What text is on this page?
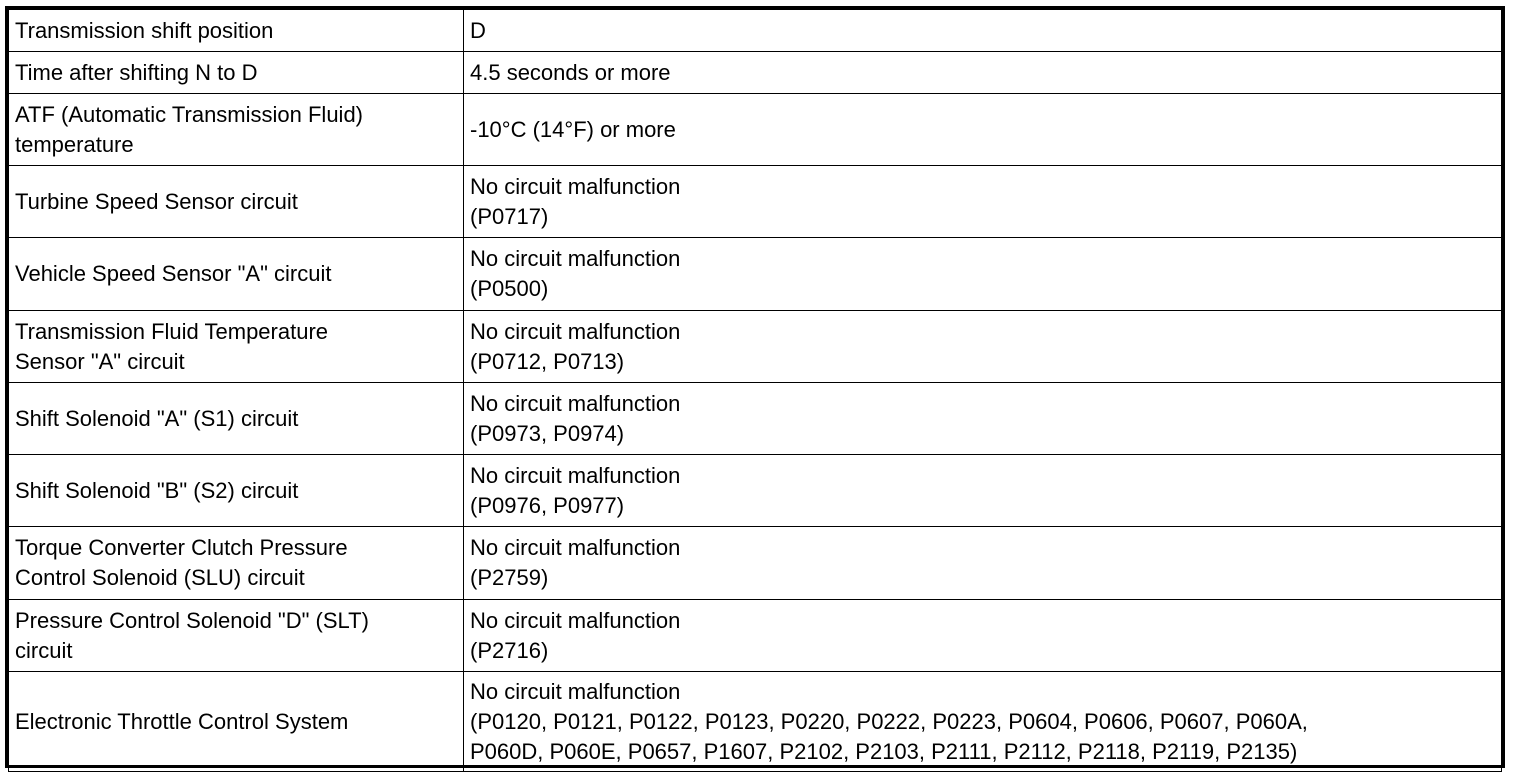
Transmission shift position	D

Time after shifting N to D	4.5 seconds or more

ATF (Automatic Transmission Fluid)
temperature	-10°C (14°F) or more

Turbine Speed Sensor circuit	No circuit malfunction
(P0717)

Vehicle Speed Sensor "A" circuit	No circuit malfunction
(P0500)

Transmission Fluid Temperature
Sensor "A" circuit	No circuit malfunction
(P0712, P0713)

Shift Solenoid "A" (S1) circuit	No circuit malfunction
(P0973, P0974)

Shift Solenoid "B" (S2) circuit	No circuit malfunction
(P0976, P0977)

Torque Converter Clutch Pressure
Control Solenoid (SLU) circuit	No circuit malfunction
(P2759)

Pressure Control Solenoid "D" (SLT)
circuit	No circuit malfunction
(P2716)

Electronic Throttle Control System	No circuit malfunction
(P0120, P0121, P0122, P0123, P0220, P0222, P0223, P0604, P0606, P0607, P060A,
P060D, P060E, P0657, P1607, P2102, P2103, P2111, P2112, P2118, P2119, P2135)
